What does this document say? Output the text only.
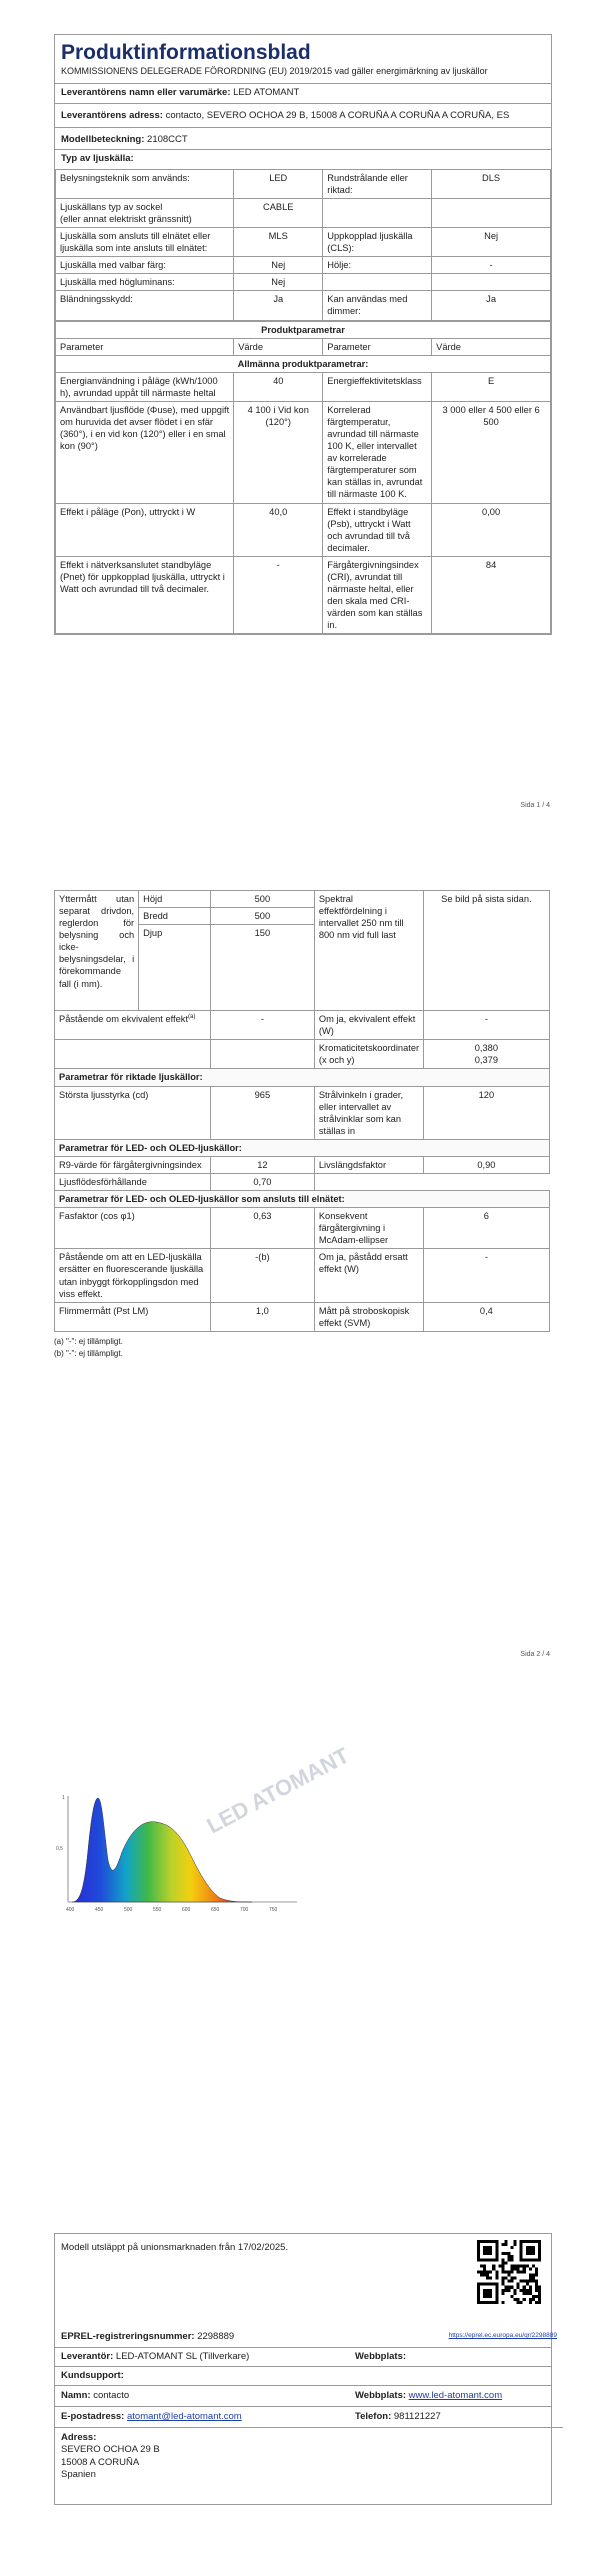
Produktinformationsblad
KOMMISSIONENS DELEGERADE FÖRORDNING (EU) 2019/2015 vad gäller energimärkning av ljuskällor
Leverantörens namn eller varumärke: LED ATOMANT
Leverantörens adress: contacto, SEVERO OCHOA 29 B, 15008 A CORUÑA A CORUÑA A CORUÑA, ES
Modellbeteckning: 2108CCT
Typ av ljuskälla:
Belysningsteknik som används:	LED	Rundstrålande eller riktad:	DLS
Ljuskällans typ av sockel
(eller annat elektriskt gränssnitt)	CABLE		
Ljuskälla som ansluts till elnätet eller ljuskälla som inte ansluts till elnätet:	MLS	Uppkopplad ljuskälla (CLS):	Nej
Ljuskälla med valbar färg:	Nej	Hölje:	-
Ljuskälla med högluminans:	Nej		
Bländningsskydd:	Ja	Kan användas med dimmer:	Ja
Produktparametrar			
Parameter	Värde	Parameter	Värde
Allmänna produktparametrar:			
Energianvändning i påläge (kWh/1000 h), avrundad uppåt till närmaste heltal	40	Energieffektivitetsklass	E
Användbart ljusflöde (Φuse), med uppgift om huruvida det avser flödet i en sfär (360°), i en vid kon (120°) eller i en smal kon (90°)	4 100 i Vid kon (120°)	Korrelerad färgtemperatur, avrundad till närmaste 100 K, eller intervallet av korrelerade färgtemperaturer som kan ställas in, avrundat till närmaste 100 K.	3 000 eller 4 500 eller 6 500
Effekt i påläge (Pon), uttryckt i W	40,0	Effekt i standbyläge (Psb), uttryckt i Watt och avrundad till två decimaler.	0,00
Effekt i nätverksanslutet standbyläge (Pnet) för uppkopplad ljuskälla, uttryckt i Watt och avrundad till två decimaler.	-	Färgåtergivningsindex (CRI), avrundat till närmaste heltal, eller den skala med CRI-värden som kan ställas in.	84
Sida 1 / 4
Yttermått utan separat drivdon, reglerdon för belysning och icke-belysningsdelar, i förekommande fall (i mm).	Höjd	500	Spektral effektfördelning i intervallet 250 nm till 800 nm vid full last	Se bild på sista sidan.
	Bredd	500		
	Djup	150		
Påstående om ekvivalent effekt$^{(a)}$	-	Om ja, ekvivalent effekt (W)	-
		Kromaticitetskoordinater (x och y)	0,380
0,379
Parametrar för riktade ljuskällor:			
Största ljusstyrka (cd)	965	Strålvinkeln i grader, eller intervallet av strålvinklar som kan ställas in	120
Parametrar för LED- och OLED-ljuskällor:			
R9-värde för färgåtergivningsindex	12	Livslängdsfaktor	0,90
Ljusflödesförhållande	0,70		
Parametrar för LED- och OLED-ljuskällor som ansluts till elnätet:			
Fasfaktor (cos φ1)	0,63	Konsekvent färgåtergivning i McAdam-ellipser	6
Påstående om att en LED-ljuskälla ersätter en fluorescerande ljuskälla utan inbyggt förkopplingsdon med viss effekt.	-(b)	Om ja, påstådd ersatt effekt (W)	-
Flimmermått (Pst LM)	1,0	Mått på stroboskopisk effekt (SVM)	0,4
(a) "-": ej tillämpligt.
(b) "-": ej tillämpligt.
Sida 2 / 4
1
0,5
400	450	500	550	600	650	700	750
LED ATOMANT
Modell utsläppt på unionsmarknaden från 17/02/2025.
EPREL-registreringsnummer: 2298889	https://eprel.ec.europa.eu/qr/2298889
Leverantör: LED-ATOMANT SL (Tillverkare)	Webbplats:
Kundsupport:
Namn: contacto	Webbplats: www.led-atomant.com
E-postadress: atomant@led-atomant.com	Telefon: 981121227
Adress:
SEVERO OCHOA 29 B
15008 A CORUÑA
Spanien
